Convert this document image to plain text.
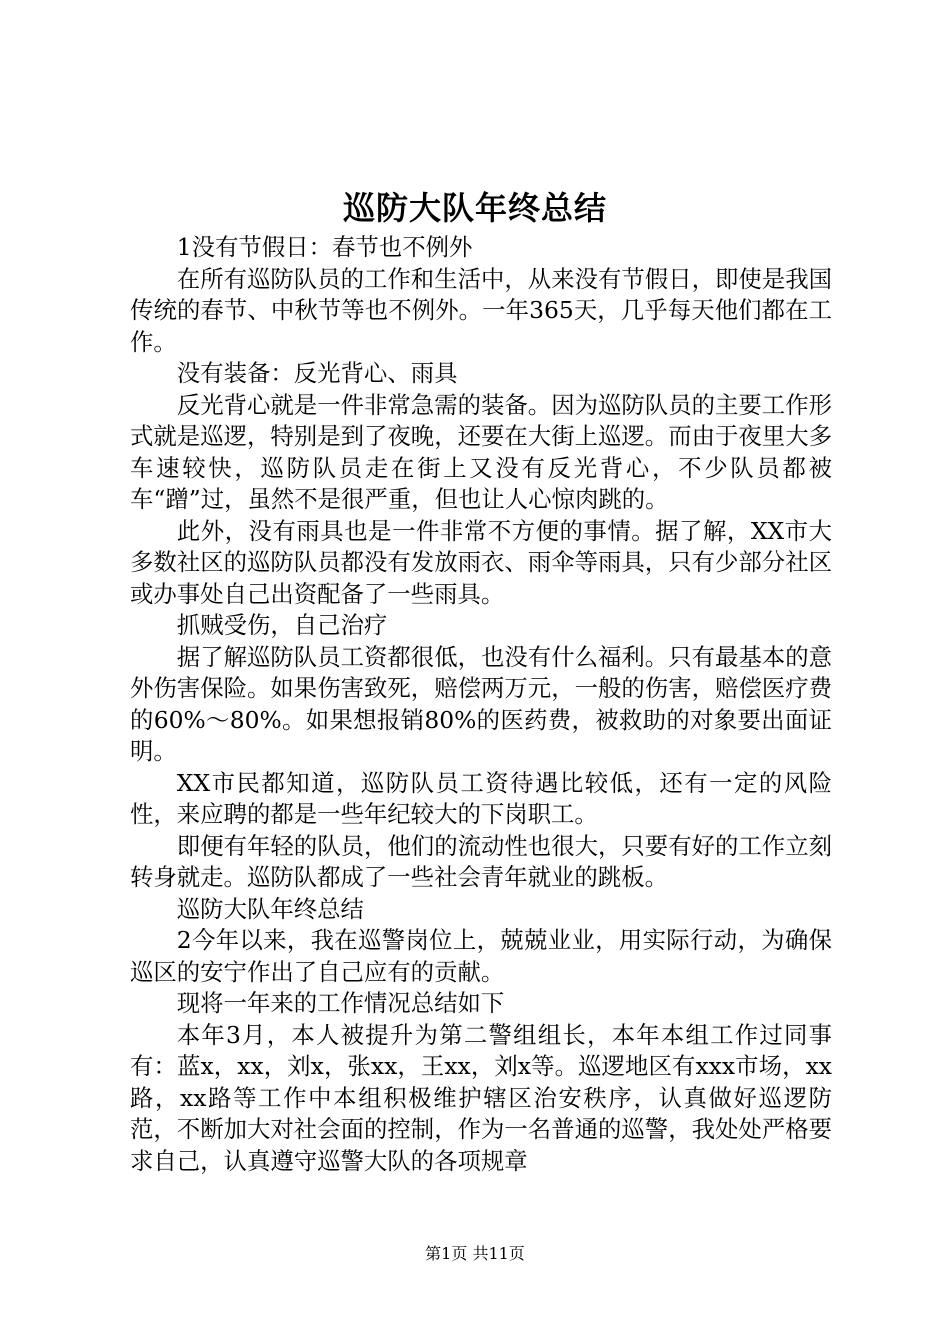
巡防大队年终总结

1没有节假日：春节也不例外

在所有巡防队员的工作和生活中，从来没有节假日，即使是我国传统的春节、中秋节等也不例外。一年365天，几乎每天他们都在工作。

没有装备：反光背心、雨具

反光背心就是一件非常急需的装备。因为巡防队员的主要工作形式就是巡逻，特别是到了夜晚，还要在大街上巡逻。而由于夜里大多车速较快，巡防队员走在街上又没有反光背心，不少队员都被车“蹭”过，虽然不是很严重，但也让人心惊肉跳的。

此外，没有雨具也是一件非常不方便的事情。据了解，XX市大多数社区的巡防队员都没有发放雨衣、雨伞等雨具，只有少部分社区或办事处自己出资配备了一些雨具。

抓贼受伤，自己治疗

据了解巡防队员工资都很低，也没有什么福利。只有最基本的意外伤害保险。如果伤害致死，赔偿两万元，一般的伤害，赔偿医疗费的60%～80%。如果想报销80%的医药费，被救助的对象要出面证明。

XX市民都知道，巡防队员工资待遇比较低，还有一定的风险性，来应聘的都是一些年纪较大的下岗职工。

即便有年轻的队员，他们的流动性也很大，只要有好的工作立刻转身就走。巡防队都成了一些社会青年就业的跳板。

巡防大队年终总结

2今年以来，我在巡警岗位上，兢兢业业，用实际行动，为确保巡区的安宁作出了自己应有的贡献。

现将一年来的工作情况总结如下

本年3月，本人被提升为第二警组组长，本年本组工作过同事有：蓝x，xx，刘x，张xx，王xx，刘x等。巡逻地区有xxx市场，xx路，xx路等工作中本组积极维护辖区治安秩序，认真做好巡逻防范，不断加大对社会面的控制，作为一名普通的巡警，我处处严格要求自己，认真遵守巡警大队的各项规章

第1页 共11页
